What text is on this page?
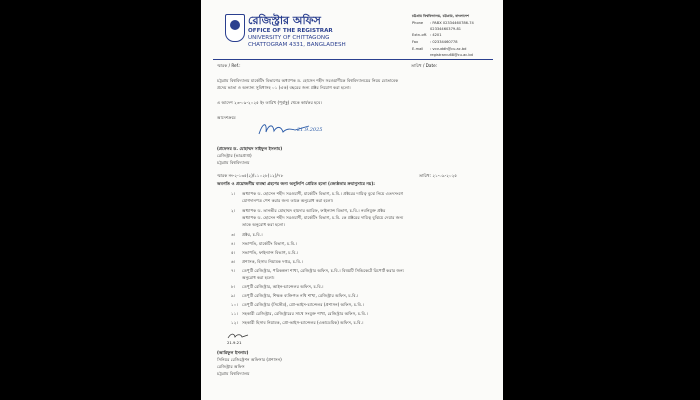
রেজিস্ট্রার অফিস
OFFICE OF THE REGISTRAR
UNIVERSITY OF CHITTAGONG
CHATTOGRAM 4331, BANGLADESH
চট্টগ্রাম বিশ্ববিদ্যালয়, চট্টগ্রাম, বাংলাদেশ
Phone : PABX 02334460786-74
02334460379-81
Extn-off. : 4201
Fax	: 02334460778
E-mail : vccuddh@cu.ac.bd
registrarcu68@cu.ac.bd
স্মারক / Ref.:	তারিখ / Date:
চট্টগ্রাম বিশ্ববিদ্যালয় মার্কেটিং বিভাগের অধ্যাপক ড. হোসেন শহীদ সরওয়ার্দীকে বিশ্ববিদ্যালয়ের নিয়ম মোতাবেক
প্রদেয় ভাতা ও অন্যান্য সুবিধাসহ ০১ (এক) বছরের জন্য প্রক্টর নিয়োগ করা হলো।
এ আদেশ ২৩-০৯-২০২৫ ইং তারিখ (পূর্বাহ্ণ) থেকে কার্যকর হবে।
আদেশক্রমে
21.9.2025
(প্রফেসর ড. মোহাম্মদ সাইফুল ইসলাম)
রেজিস্ট্রার (ভারপ্রাপ্ত)
চট্টগ্রাম বিশ্ববিদ্যালয়
স্মারক নং-২-১৩৫(২)/১১০২৮(১২)/৭৮	তারিখ: ২১-০৯-২০২৫
অবগতি ও প্রয়োজনীয় ব্যবস্থা গ্রহণের জন্য অনুলিপি প্রেরিত হলো (জ্যেষ্ঠতার ক্রমানুসারে নয়):
১। অধ্যাপক ড. হোসেন শহীদ সরওয়ার্দী, মার্কেটিং বিভাগ, চ.বি.। প্রক্টরের দায়িত্ব বুঝে নিয়ে এতদসংগে
যোগদানপত্র পেশ করার জন্য তাকে অনুরোধ করা হলো।
২। অধ্যাপক ড. তানভীর মোহাম্মদ হায়দার আরিফ, ফাইন্যান্স বিভাগ, চ.বি.। নবনিযুক্ত প্রক্টর
অধ্যাপক ড. হোসেন শহীদ সরওয়ার্দী, মার্কেটিং বিভাগ, চ.বি. কে প্রক্টরের দায়িত্ব বুঝিয়ে দেয়ার জন্য
তাকে অনুরোধ করা হলো।
৩। প্রক্টর, চ.বি.।
৪। সভাপতি, মার্কেটিং বিভাগ, চ.বি.।
৫। সভাপতি, ফাইন্যান্স বিভাগ, চ.বি.।
৬। প্রশাসক, হিসাব নিয়ামক দপ্তর, চ.বি.।
৭। ডেপুটি রেজিস্ট্রার, পরিকল্পনা শাখা, রেজিস্ট্রার অফিস, চ.বি.। বিষয়টি সিন্ডিকেটে রিপোর্ট করার জন্য
অনুরোধ করা হলো।
৮। ডেপুটি রেজিস্ট্রার, আইন-চ্যান্সেলর অফিস, চ.বি.।
৯। ডেপুটি রেজিস্ট্রার, শিক্ষক ব্যক্তিগত নথি শাখা, রেজিস্ট্রার অফিস, চ.বি.।
১০। ডেপুটি রেজিস্ট্রার (সিস্টেম), প্রো-ভাইস-চ্যান্সেলর (প্রশাসন) অফিস, চ.বি.।
১১। সহকারী রেজিস্ট্রার, রেজিস্ট্রারের সাথে সংযুক্ত শাখা, রেজিস্ট্রার অফিস, চ.বি.।
১২। সহকারী হিসাব নিয়ামক, প্রো-ভাইস-চ্যান্সেলর (একাডেমিক) অফিস, চ.বি.।
21.9.21
(আরিফুল ইসলাম)
সিনিয়র রেজিস্ট্রেশন অফিসার (প্রশাসন)
রেজিস্ট্রার অফিস
চট্টগ্রাম বিশ্ববিদ্যালয়
